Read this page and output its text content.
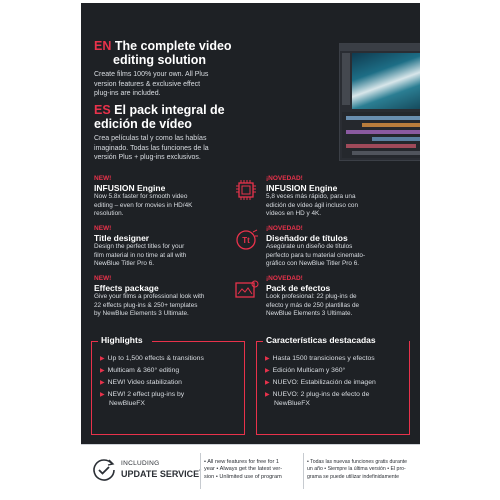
EN The complete video
editing solution
Create films 100% your own. All Plus
version features & exclusive effect
plug-ins are included.
ES El pack integral de
edición de vídeo
Crea películas tal y como las habías
imaginado. Todas las funciones de la
versión Plus + plug-ins exclusivos.
NEW!
INFUSION Engine
Now 5.8x faster for smooth video
editing – even for movies in HD/4K
resolution.
¡NOVEDAD!
INFUSION Engine
5,8 veces más rápido, para una
edición de vídeo ágil incluso con
vídeos en HD y 4K.
NEW!
Title designer
Design the perfect titles for your
film material in no time at all with
NewBlue Titler Pro 6.
Tt
¡NOVEDAD!
Diseñador de títulos
Asegúrate un diseño de títulos
perfecto para tu material cinemato-
gráfico con NewBlue Titler Pro 6.
NEW!
Effects package
Give your films a professional look with
22 effects plug-ins & 250+ templates
by NewBlue Elements 3 Ultimate.
¡NOVEDAD!
Pack de efectos
Look profesional: 22 plug-ins de
efecto y más de 250 plantillas de
NewBlue Elements 3 Ultimate.
Highlights
▶ Up to 1,500 effects & transitions
▶ Multicam & 360° editing
▶ NEW! Video stabilization
▶ NEW! 2 effect plug-ins by
NewBlueFX
Características destacadas
▶ Hasta 1500 transiciones y efectos
▶ Edición Multicam y 360°
▶ NUEVO: Estabilización de imagen
▶ NUEVO: 2 plug-ins de efecto de
NewBlueFX
INCLUDING
UPDATE SERVICE
• All new features for free for 1
year • Always get the latest ver-
sion • Unlimited use of program
• Todas las nuevas funciones gratis durante
un año • Siempre la última versión • El pro-
grama se puede utilizar indefinidamente
